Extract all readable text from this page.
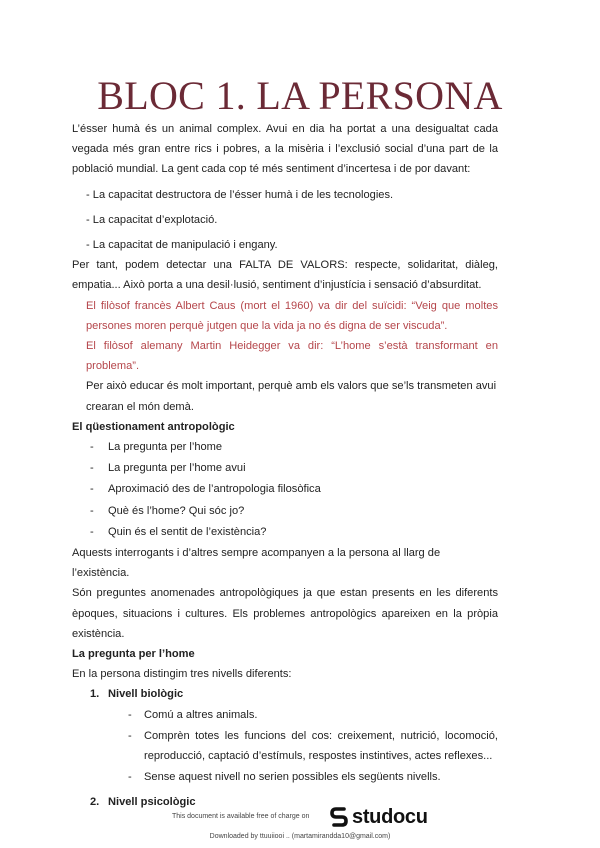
BLOC 1. LA PERSONA

L’ésser humà és un animal complex. Avui en dia ha portat a una desigualtat cada vegada més gran entre rics i pobres, a la misèria i l’exclusió social d’una part de la població mundial. La gent cada cop té més sentiment d’incertesa i de por davant:

- La capacitat destructora de l’ésser humà i de les tecnologies.

- La capacitat d’explotació.

- La capacitat de manipulació i engany.

Per tant, podem detectar una FALTA DE VALORS: respecte, solidaritat, diàleg, empatia... Això porta a una desil·lusió, sentiment d’injustícia i sensació d’absurditat.

El filòsof francès Albert Caus (mort el 1960) va dir del suïcidi: “Veig que moltes persones moren perquè jutgen que la vida ja no és digna de ser viscuda”.

El filòsof alemany Martin Heidegger va dir: “L’home s’està transformant en problema”.

Per això educar és molt important, perquè amb els valors que se’ls transmeten avui crearan el món demà.

El qüestionament antropològic

- La pregunta per l’home
- La pregunta per l’home avui
- Aproximació des de l’antropologia filosòfica
- Què és l’home? Qui sóc jo?
- Quin és el sentit de l’existència?

Aquests interrogants i d’altres sempre acompanyen a la persona al llarg de l’existència.

Són preguntes anomenades antropològiques ja que estan presents en les diferents èpoques, situacions i cultures. Els problemes antropològics apareixen en la pròpia existència.

La pregunta per l’home

En la persona distingim tres nivells diferents:

1. Nivell biològic
- Comú a altres animals.
- Comprèn totes les funcions del cos: creixement, nutrició, locomoció, reproducció, captació d’estímuls, respostes instintives, actes reflexes...
- Sense aquest nivell no serien possibles els següents nivells.
2. Nivell psicològic
This document is available free of charge on studocu
Downloaded by ttuuiiooi .. (martamirandda10@gmail.com)
